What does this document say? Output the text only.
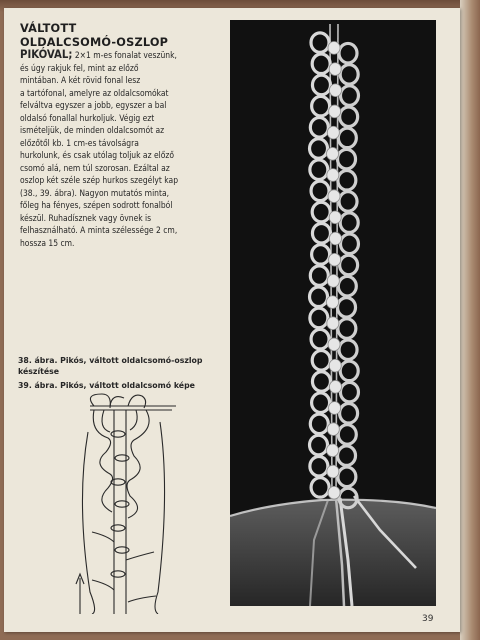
VÁLTOTT
OLDALCSOMÓ-OSZLOP
PIKÓVAL; 2×1 m-es fonalat veszünk,
és úgy rakjuk fel, mint az előző
mintában. A két rövid fonal lesz
a tartófonal, amelyre az oldalcsomókat
felváltva egyszer a jobb, egyszer a bal
oldalsó fonallal hurkoljuk. Végig ezt
ismételjük, de minden oldalcsomót az
előzőtől kb. 1 cm-es távolságra
hurkolunk, és csak utólag toljuk az előző
csomó alá, nem túl szorosan. Ezáltal az
oszlop két széle szép hurkos szegélyt kap
(38., 39. ábra). Nagyon mutatós minta,
főleg ha fényes, szépen sodrott fonalból
készül. Ruhadísznek vagy övnek is
felhasználható. A minta szélessége 2 cm,
hossza 15 cm.
38. ábra. Pikós, váltott oldalcsomó-oszlop
készítése
39. ábra. Pikós, váltott oldalcsomó képe
39
